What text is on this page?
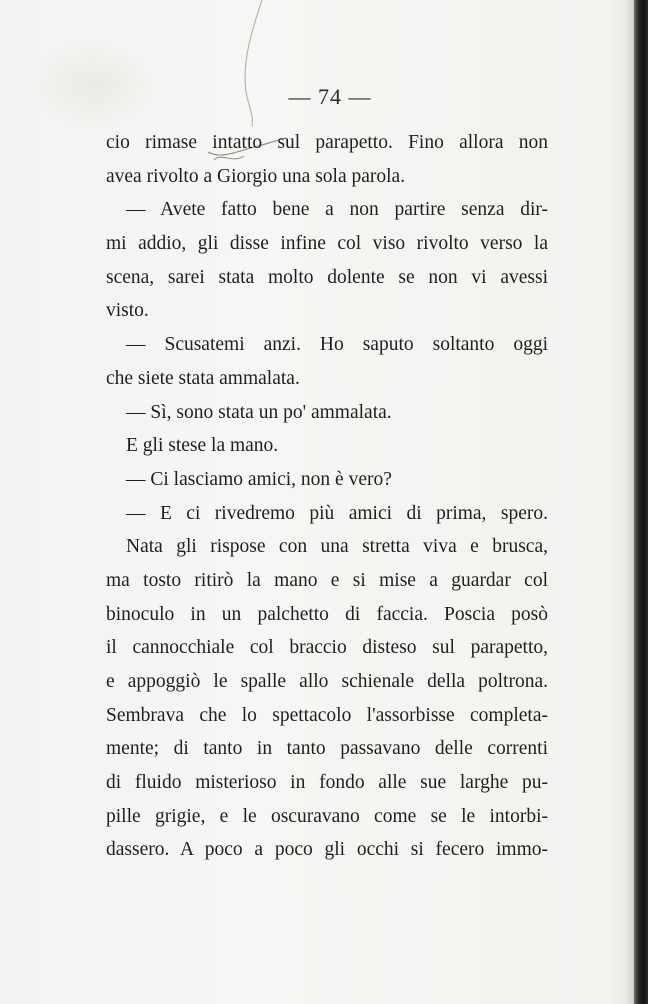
— 74 —
cio rimase intatto sul parapetto. Fino allora non
avea rivolto a Giorgio una sola parola.
— Avete fatto bene a non partire senza dir-
mi addio, gli disse infine col viso rivolto verso la
scena, sarei stata molto dolente se non vi avessi
visto.
— Scusatemi anzi. Ho saputo soltanto oggi
che siete stata ammalata.
— Sì, sono stata un po' ammalata.
E gli stese la mano.
— Ci lasciamo amici, non è vero?
— E ci rivedremo più amici di prima, spero.
Nata gli rispose con una stretta viva e brusca,
ma tosto ritirò la mano e si mise a guardar col
binoculo in un palchetto di faccia. Poscia posò
il cannocchiale col braccio disteso sul parapetto,
e appoggiò le spalle allo schienale della poltrona.
Sembrava che lo spettacolo l'assorbisse completa-
mente; di tanto in tanto passavano delle correnti
di fluido misterioso in fondo alle sue larghe pu-
pille grigie, e le oscuravano come se le intorbi-
dassero. A poco a poco gli occhi si fecero immo-
